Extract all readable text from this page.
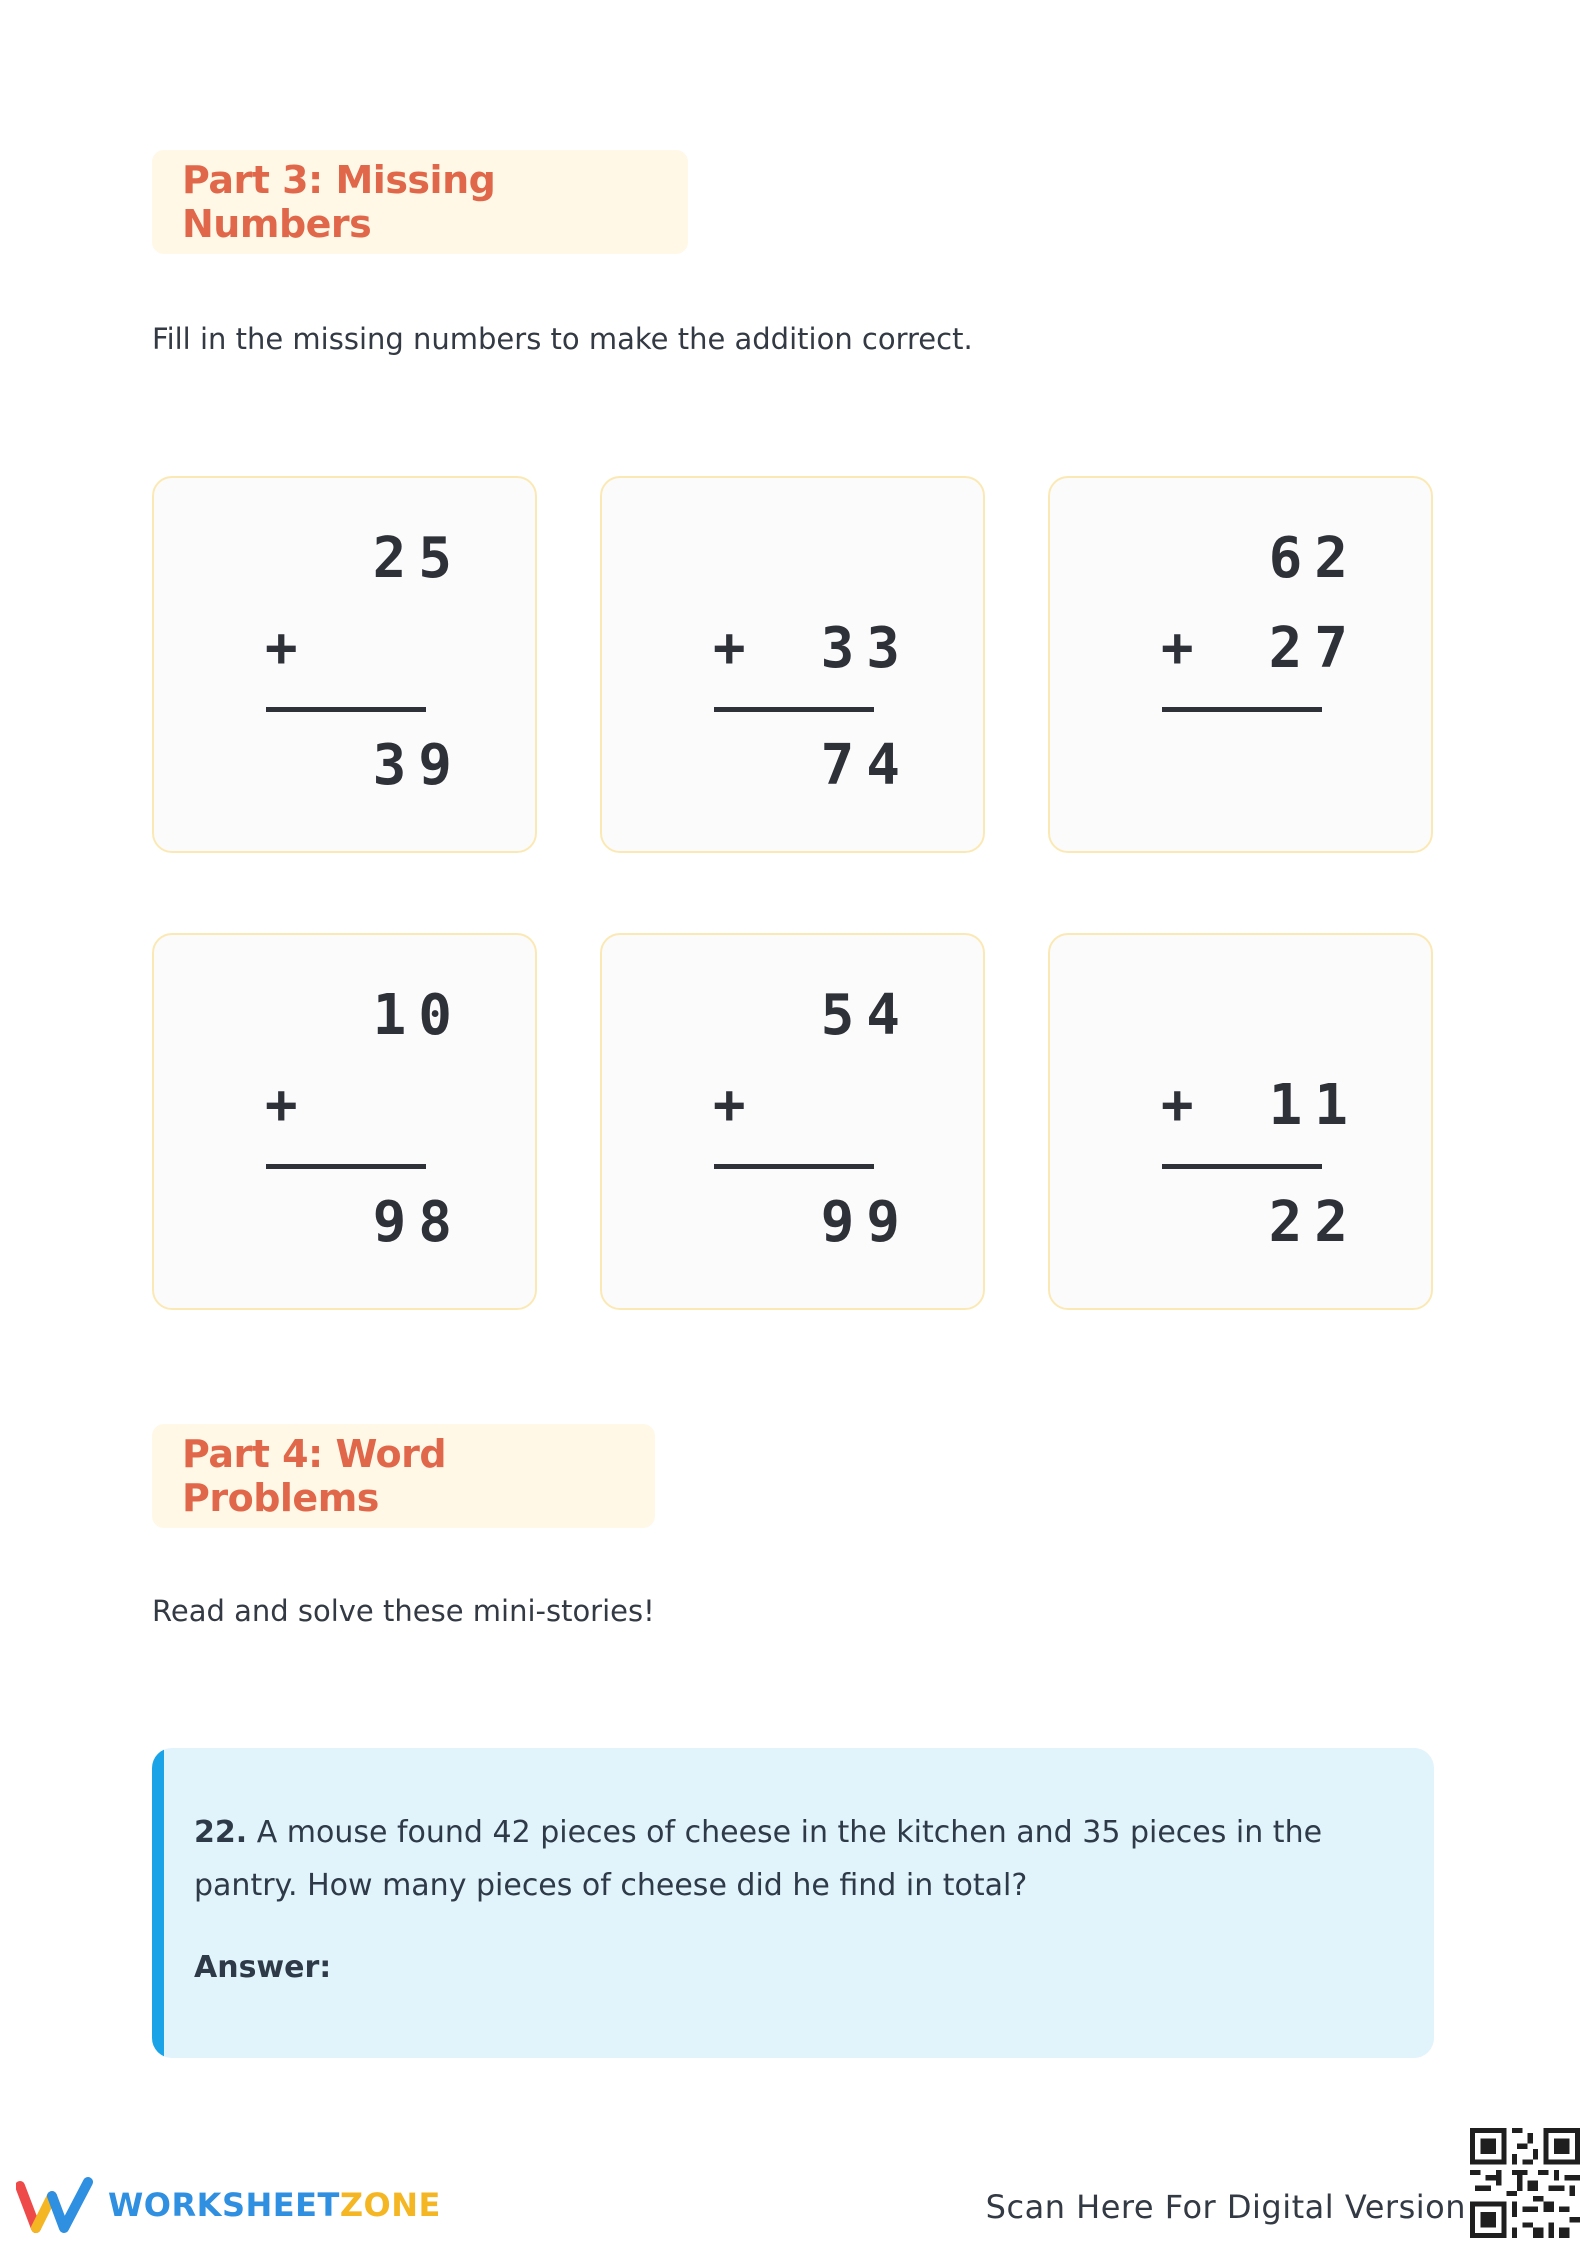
Part 3: Missing Numbers
Fill in the missing numbers to make the addition correct.
25
+
39
+	33
74
62
+	27
10
+
98
54
+
99
+	11
22
Part 4: Word Problems
Read and solve these mini-stories!
22. A mouse found 42 pieces of cheese in the kitchen and 35 pieces in the pantry. How many pieces of cheese did he find in total?
Answer:
WORKSHEETZONE	Scan Here For Digital Version
